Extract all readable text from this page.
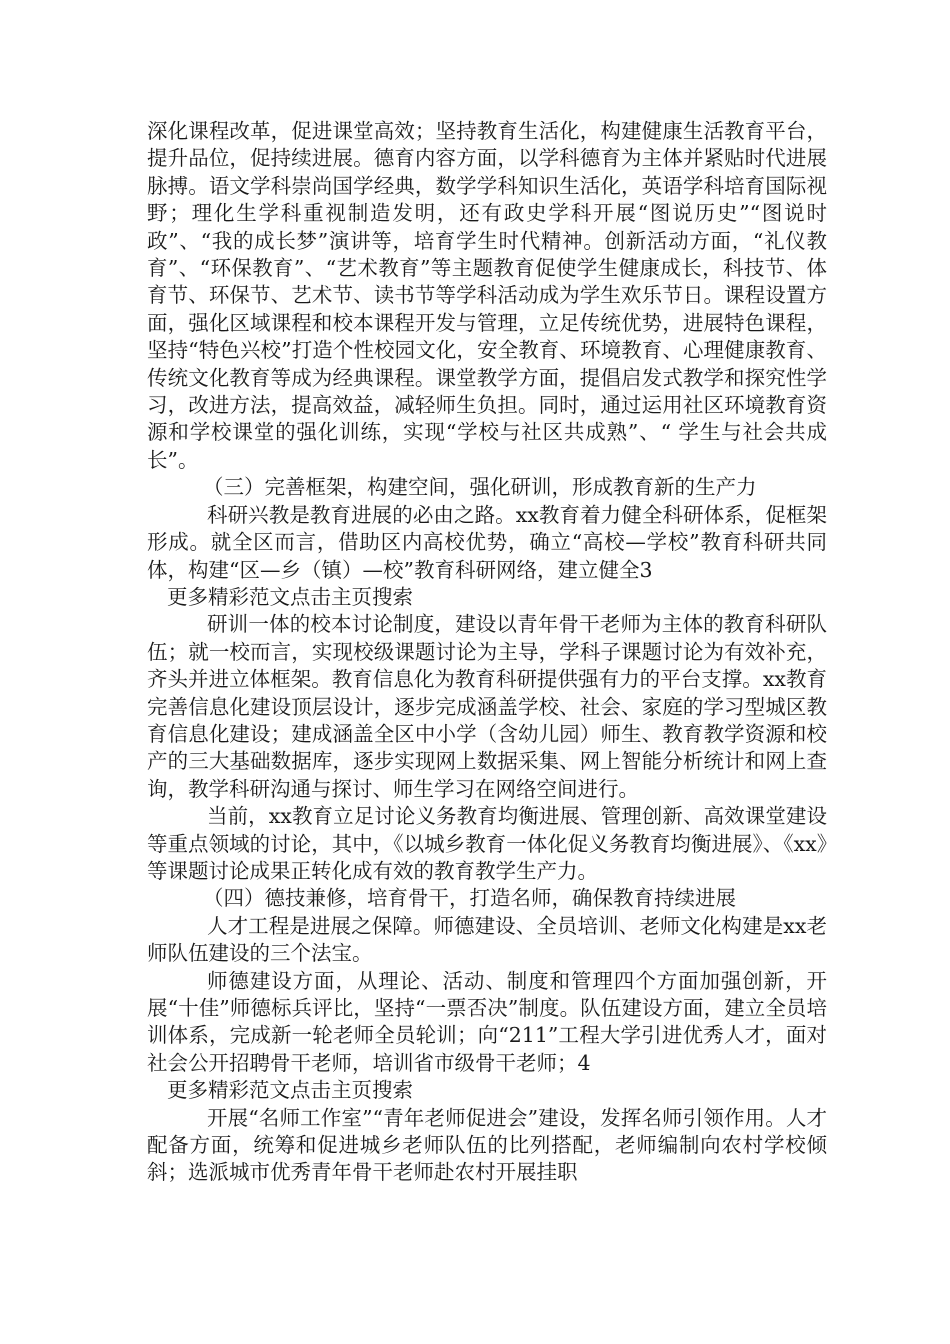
深化课程改革，促进课堂高效；坚持教育生活化，构建健康生活教育平台，提升品位，促持续进展。德育内容方面，以学科德育为主体并紧贴时代进展脉搏。语文学科崇尚国学经典，数学学科知识生活化，英语学科培育国际视野；理化生学科重视制造发明，还有政史学科开展“图说历史”“图说时政”、“我的成长梦”演讲等，培育学生时代精神。创新活动方面，“礼仪教育”、“环保教育”、“艺术教育”等主题教育促使学生健康成长，科技节、体育节、环保节、艺术节、读书节等学科活动成为学生欢乐节日。课程设置方面，强化区域课程和校本课程开发与管理，立足传统优势，进展特色课程，坚持“特色兴校”打造个性校园文化，安全教育、环境教育、心理健康教育、传统文化教育等成为经典课程。课堂教学方面，提倡启发式教学和探究性学习，改进方法，提高效益，减轻师生负担。同时，通过运用社区环境教育资源和学校课堂的强化训练，实现“学校与社区共成熟”、“ 学生与社会共成长”。

（三）完善框架，构建空间，强化研训，形成教育新的生产力

科研兴教是教育进展的必由之路。xx教育着力健全科研体系，促框架形成。就全区而言，借助区内高校优势，确立“高校—学校”教育科研共同体，构建“区—乡（镇）—校”教育科研网络，建立健全3

更多精彩范文点击主页搜索

研训一体的校本讨论制度，建设以青年骨干老师为主体的教育科研队伍；就一校而言，实现校级课题讨论为主导，学科子课题讨论为有效补充，齐头并进立体框架。教育信息化为教育科研提供强有力的平台支撑。xx教育完善信息化建设顶层设计，逐步完成涵盖学校、社会、家庭的学习型城区教育信息化建设；建成涵盖全区中小学（含幼儿园）师生、教育教学资源和校产的三大基础数据库，逐步实现网上数据采集、网上智能分析统计和网上查询，教学科研沟通与探讨、师生学习在网络空间进行。

当前，xx教育立足讨论义务教育均衡进展、管理创新、高效课堂建设等重点领域的讨论，其中，《以城乡教育一体化促义务教育均衡进展》、《xx》等课题讨论成果正转化成有效的教育教学生产力。

（四）德技兼修，培育骨干，打造名师，确保教育持续进展

人才工程是进展之保障。师德建设、全员培训、老师文化构建是xx老师队伍建设的三个法宝。

师德建设方面，从理论、活动、制度和管理四个方面加强创新，开展“十佳”师德标兵评比，坚持“一票否决”制度。队伍建设方面，建立全员培训体系，完成新一轮老师全员轮训；向“211”工程大学引进优秀人才，面对社会公开招聘骨干老师，培训省市级骨干老师；4

更多精彩范文点击主页搜索

开展“名师工作室”“青年老师促进会”建设，发挥名师引领作用。人才配备方面，统筹和促进城乡老师队伍的比列搭配，老师编制向农村学校倾斜；选派城市优秀青年骨干老师赴农村开展挂职
